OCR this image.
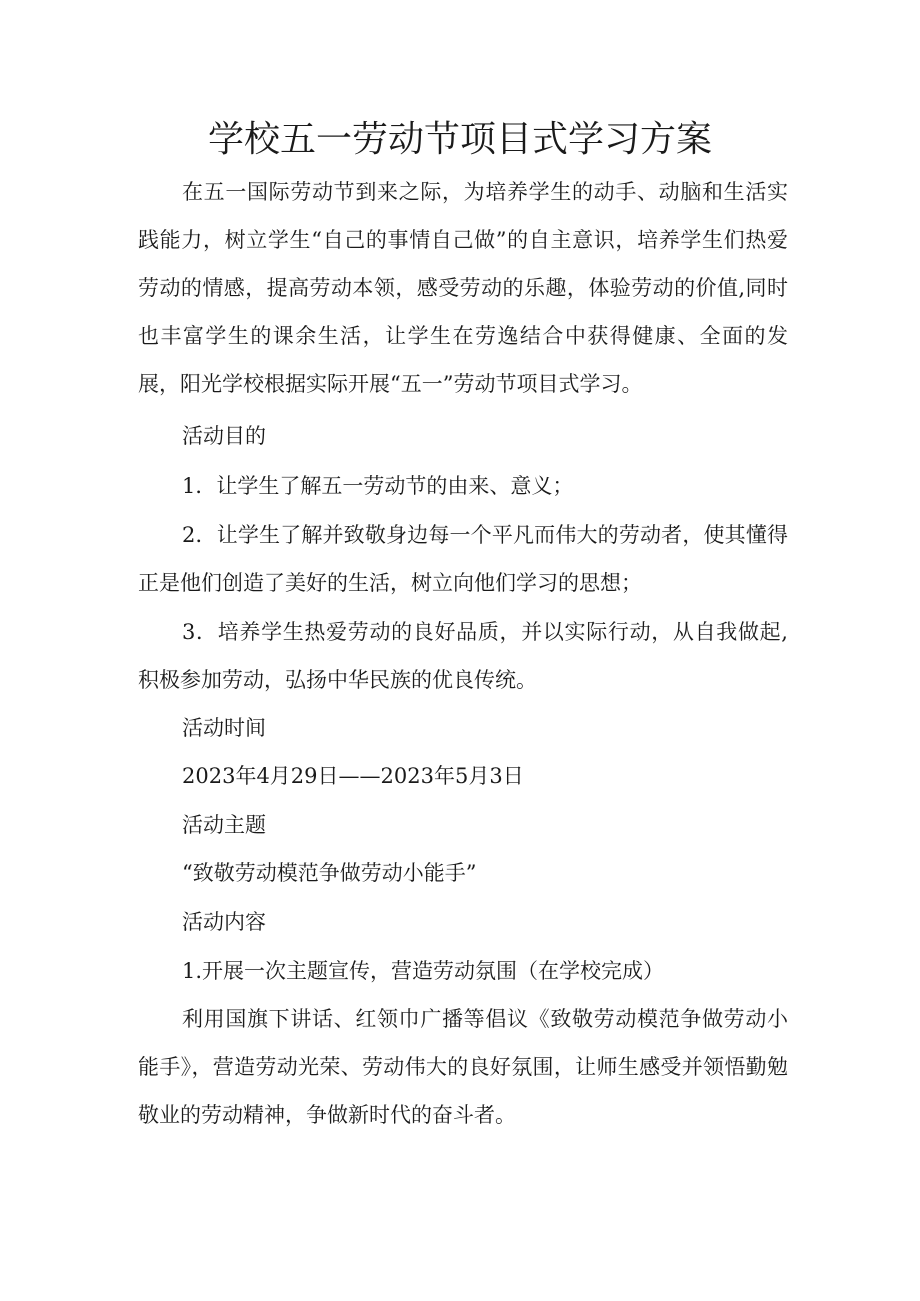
学校五一劳动节项目式学习方案

在五一国际劳动节到来之际，为培养学生的动手、动脑和生活实践能力，树立学生“自己的事情自己做”的自主意识，培养学生们热爱劳动的情感，提高劳动本领，感受劳动的乐趣，体验劳动的价值,同时也丰富学生的课余生活，让学生在劳逸结合中获得健康、全面的发展，阳光学校根据实际开展“五一”劳动节项目式学习。

活动目的

1．让学生了解五一劳动节的由来、意义；

2．让学生了解并致敬身边每一个平凡而伟大的劳动者，使其懂得正是他们创造了美好的生活，树立向他们学习的思想；

3．培养学生热爱劳动的良好品质，并以实际行动，从自我做起,积极参加劳动，弘扬中华民族的优良传统。

活动时间

2023年4月29日——2023年5月3日

活动主题

“致敬劳动模范争做劳动小能手”

活动内容

1.开展一次主题宣传，营造劳动氛围（在学校完成）

利用国旗下讲话、红领巾广播等倡议《致敬劳动模范争做劳动小能手》，营造劳动光荣、劳动伟大的良好氛围，让师生感受并领悟勤勉敬业的劳动精神，争做新时代的奋斗者。
